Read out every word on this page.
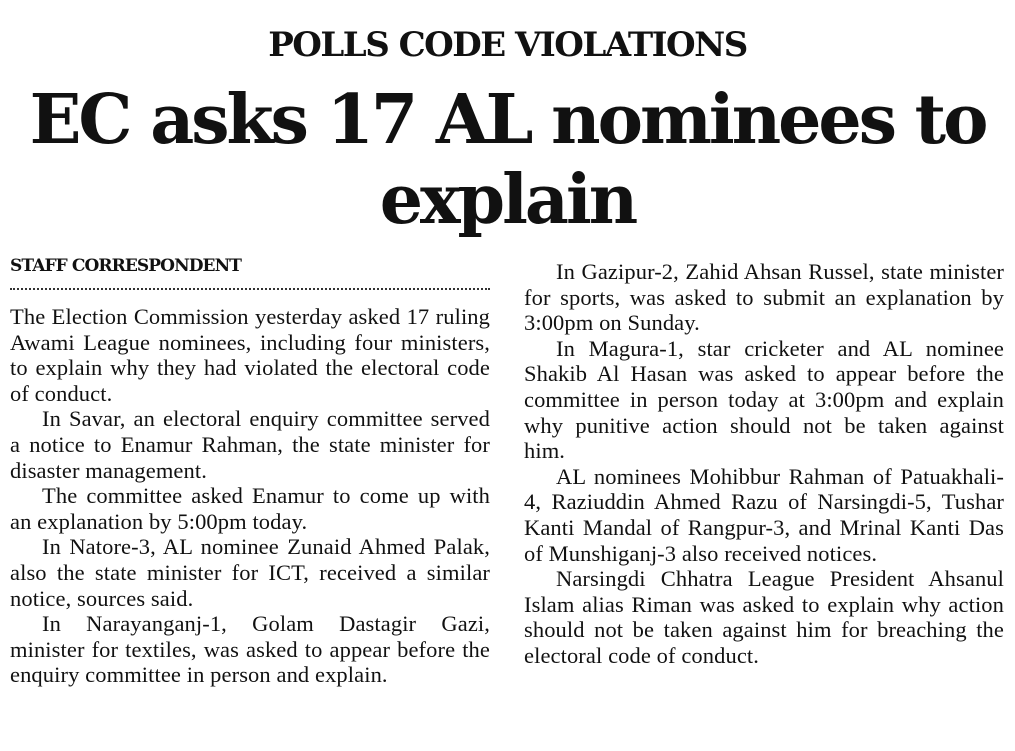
POLLS CODE VIOLATIONS
EC asks 17 AL nominees to explain
STAFF CORRESPONDENT

The Election Commission yesterday asked 17 ruling Awami League nominees, including four ministers, to explain why they had violated the electoral code of conduct.

In Savar, an electoral enquiry committee served a notice to Enamur Rahman, the state minister for disaster management.

The committee asked Enamur to come up with an explanation by 5:00pm today.

In Natore-3, AL nominee Zunaid Ahmed Palak, also the state minister for ICT, received a similar notice, sources said.

In Narayanganj-1, Golam Dastagir Gazi, minister for textiles, was asked to appear before the enquiry committee in person and explain.

In Gazipur-2, Zahid Ahsan Russel, state minister for sports, was asked to submit an explanation by 3:00pm on Sunday.

In Magura-1, star cricketer and AL nominee Shakib Al Hasan was asked to appear before the committee in person today at 3:00pm and explain why punitive action should not be taken against him.

AL nominees Mohibbur Rahman of Patuakhali-4, Raziuddin Ahmed Razu of Narsingdi-5, Tushar Kanti Mandal of Rangpur-3, and Mrinal Kanti Das of Munshiganj-3 also received notices.

Narsingdi Chhatra League President Ahsanul Islam alias Riman was asked to explain why action should not be taken against him for breaching the electoral code of conduct.
